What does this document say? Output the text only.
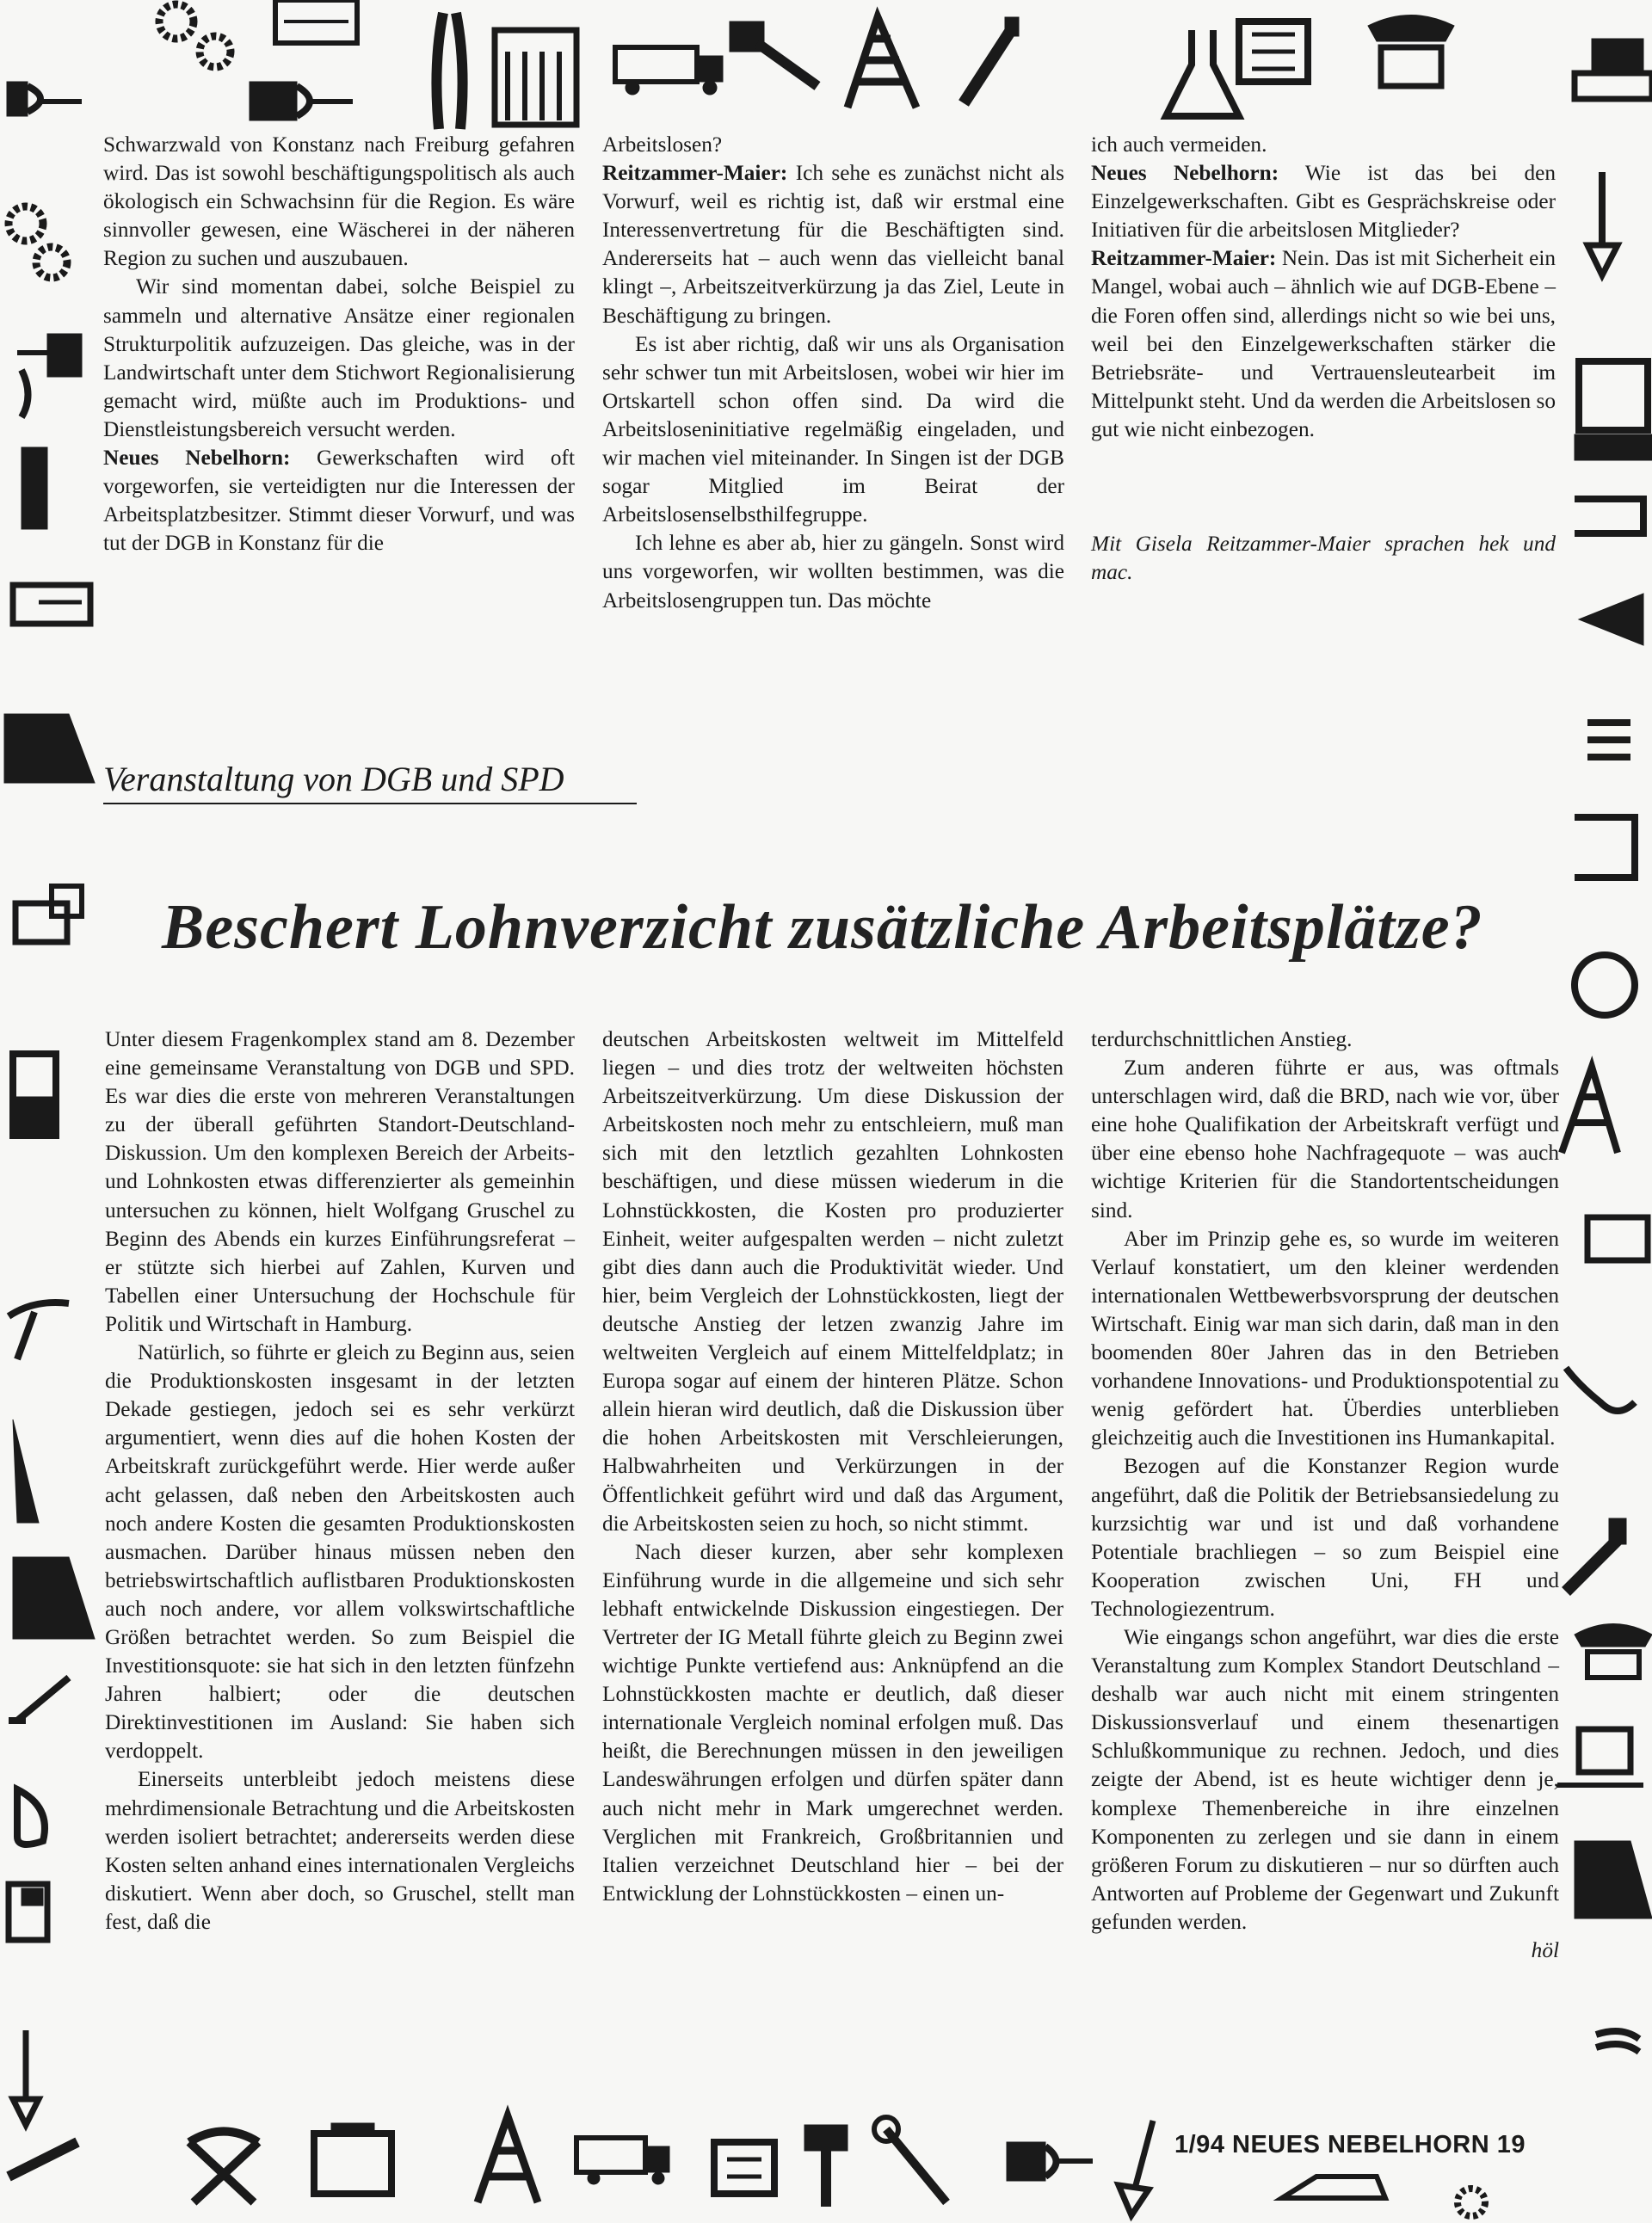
Schwarzwald von Konstanz nach Freiburg gefahren wird. Das ist sowohl beschäftigungspolitisch als auch ökologisch ein Schwachsinn für die Region. Es wäre sinnvoller gewesen, eine Wäscherei in der näheren Region zu suchen und auszubauen.

Wir sind momentan dabei, solche Beispiel zu sammeln und alternative Ansätze einer regionalen Strukturpolitik aufzuzeigen. Das gleiche, was in der Landwirtschaft unter dem Stichwort Regionalisierung gemacht wird, müßte auch im Produktions- und Dienstleistungsbereich versucht werden.

Neues Nebelhorn: Gewerkschaften wird oft vorgeworfen, sie verteidigten nur die Interessen der Arbeitsplatzbesitzer. Stimmt dieser Vorwurf, und was tut der DGB in Konstanz für die

Arbeitslosen?

Reitzammer-Maier: Ich sehe es zunächst nicht als Vorwurf, weil es richtig ist, daß wir erstmal eine Interessenvertretung für die Beschäftigten sind. Andererseits hat – auch wenn das vielleicht banal klingt –, Arbeitszeitverkürzung ja das Ziel, Leute in Beschäftigung zu bringen.

Es ist aber richtig, daß wir uns als Organisation sehr schwer tun mit Arbeitslosen, wobei wir hier im Ortskartell schon offen sind. Da wird die Arbeitsloseninitiative regelmäßig eingeladen, und wir machen viel miteinander. In Singen ist der DGB sogar Mitglied im Beirat der Arbeitslosenselbsthilfegruppe.

Ich lehne es aber ab, hier zu gängeln. Sonst wird uns vorgeworfen, wir wollten bestimmen, was die Arbeitslosengruppen tun. Das möchte

ich auch vermeiden.

Neues Nebelhorn: Wie ist das bei den Einzelgewerkschaften. Gibt es Gesprächskreise oder Initiativen für die arbeitslosen Mitglieder?

Reitzammer-Maier: Nein. Das ist mit Sicherheit ein Mangel, wobai auch – ähnlich wie auf DGB-Ebene – die Foren offen sind, allerdings nicht so wie bei uns, weil bei den Einzelgewerkschaften stärker die Betriebsräte- und Vertrauensleutearbeit im Mittelpunkt steht. Und da werden die Arbeitslosen so gut wie nicht einbezogen.

Mit Gisela Reitzammer-Maier sprachen hek und mac.

Veranstaltung von DGB und SPD
Beschert Lohnverzicht zusätzliche Arbeitsplätze?

Unter diesem Fragenkomplex stand am 8. Dezember eine gemeinsame Veranstaltung von DGB und SPD. Es war dies die erste von mehreren Veranstaltungen zu der überall geführten Standort-Deutschland-Diskussion. Um den komplexen Bereich der Arbeits- und Lohnkosten etwas differenzierter als gemeinhin untersuchen zu können, hielt Wolfgang Gruschel zu Beginn des Abends ein kurzes Einführungsreferat – er stützte sich hierbei auf Zahlen, Kurven und Tabellen einer Untersuchung der Hochschule für Politik und Wirtschaft in Hamburg.

Natürlich, so führte er gleich zu Beginn aus, seien die Produktionskosten insgesamt in der letzten Dekade gestiegen, jedoch sei es sehr verkürzt argumentiert, wenn dies auf die hohen Kosten der Arbeitskraft zurückgeführt werde. Hier werde außer acht gelassen, daß neben den Arbeitskosten auch noch andere Kosten die gesamten Produktionskosten ausmachen. Darüber hinaus müssen neben den betriebswirtschaftlich auflistbaren Produktionskosten auch noch andere, vor allem volkswirtschaftliche Größen betrachtet werden. So zum Beispiel die Investitionsquote: sie hat sich in den letzten fünfzehn Jahren halbiert; oder die deutschen Direktinvestitionen im Ausland: Sie haben sich verdoppelt.

Einerseits unterbleibt jedoch meistens diese mehrdimensionale Betrachtung und die Arbeitskosten werden isoliert betrachtet; andererseits werden diese Kosten selten anhand eines internationalen Vergleichs diskutiert. Wenn aber doch, so Gruschel, stellt man fest, daß die

deutschen Arbeitskosten weltweit im Mittelfeld liegen – und dies trotz der weltweiten höchsten Arbeitszeitverkürzung. Um diese Diskussion der Arbeitskosten noch mehr zu entschleiern, muß man sich mit den letztlich gezahlten Lohnkosten beschäftigen, und diese müssen wiederum in die Lohnstückkosten, die Kosten pro produzierter Einheit, weiter aufgespalten werden – nicht zuletzt gibt dies dann auch die Produktivität wieder. Und hier, beim Vergleich der Lohnstückkosten, liegt der deutsche Anstieg der letzen zwanzig Jahre im weltweiten Vergleich auf einem Mittelfeldplatz; in Europa sogar auf einem der hinteren Plätze. Schon allein hieran wird deutlich, daß die Diskussion über die hohen Arbeitskosten mit Verschleierungen, Halbwahrheiten und Verkürzungen in der Öffentlichkeit geführt wird und daß das Argument, die Arbeitskosten seien zu hoch, so nicht stimmt.

Nach dieser kurzen, aber sehr komplexen Einführung wurde in die allgemeine und sich sehr lebhaft entwickelnde Diskussion eingestiegen. Der Vertreter der IG Metall führte gleich zu Beginn zwei wichtige Punkte vertiefend aus: Anknüpfend an die Lohnstückkosten machte er deutlich, daß dieser internationale Vergleich nominal erfolgen muß. Das heißt, die Berechnungen müssen in den jeweiligen Landeswährungen erfolgen und dürfen später dann auch nicht mehr in Mark umgerechnet werden. Verglichen mit Frankreich, Großbritannien und Italien verzeichnet Deutschland hier – bei der Entwicklung der Lohnstückkosten – einen un-

terdurchschnittlichen Anstieg.

Zum anderen führte er aus, was oftmals unterschlagen wird, daß die BRD, nach wie vor, über eine hohe Qualifikation der Arbeitskraft verfügt und über eine ebenso hohe Nachfragequote – was auch wichtige Kriterien für die Standortentscheidungen sind.

Aber im Prinzip gehe es, so wurde im weiteren Verlauf konstatiert, um den kleiner werdenden internationalen Wettbewerbsvorsprung der deutschen Wirtschaft. Einig war man sich darin, daß man in den boomenden 80er Jahren das in den Betrieben vorhandene Innovations- und Produktionspotential zu wenig gefördert hat. Überdies unterblieben gleichzeitig auch die Investitionen ins Humankapital.

Bezogen auf die Konstanzer Region wurde angeführt, daß die Politik der Betriebsansiedelung zu kurzsichtig war und ist und daß vorhandene Potentiale brachliegen – so zum Beispiel eine Kooperation zwischen Uni, FH und Technologiezentrum.

Wie eingangs schon angeführt, war dies die erste Veranstaltung zum Komplex Standort Deutschland – deshalb war auch nicht mit einem stringenten Diskussionsverlauf und einem thesenartigen Schlußkommunique zu rechnen. Jedoch, und dies zeigte der Abend, ist es heute wichtiger denn je, komplexe Themenbereiche in ihre einzelnen Komponenten zu zerlegen und sie dann in einem größeren Forum zu diskutieren – nur so dürften auch Antworten auf Probleme der Gegenwart und Zukunft gefunden werden.

höl
1/94 NEUES NEBELHORN 19
